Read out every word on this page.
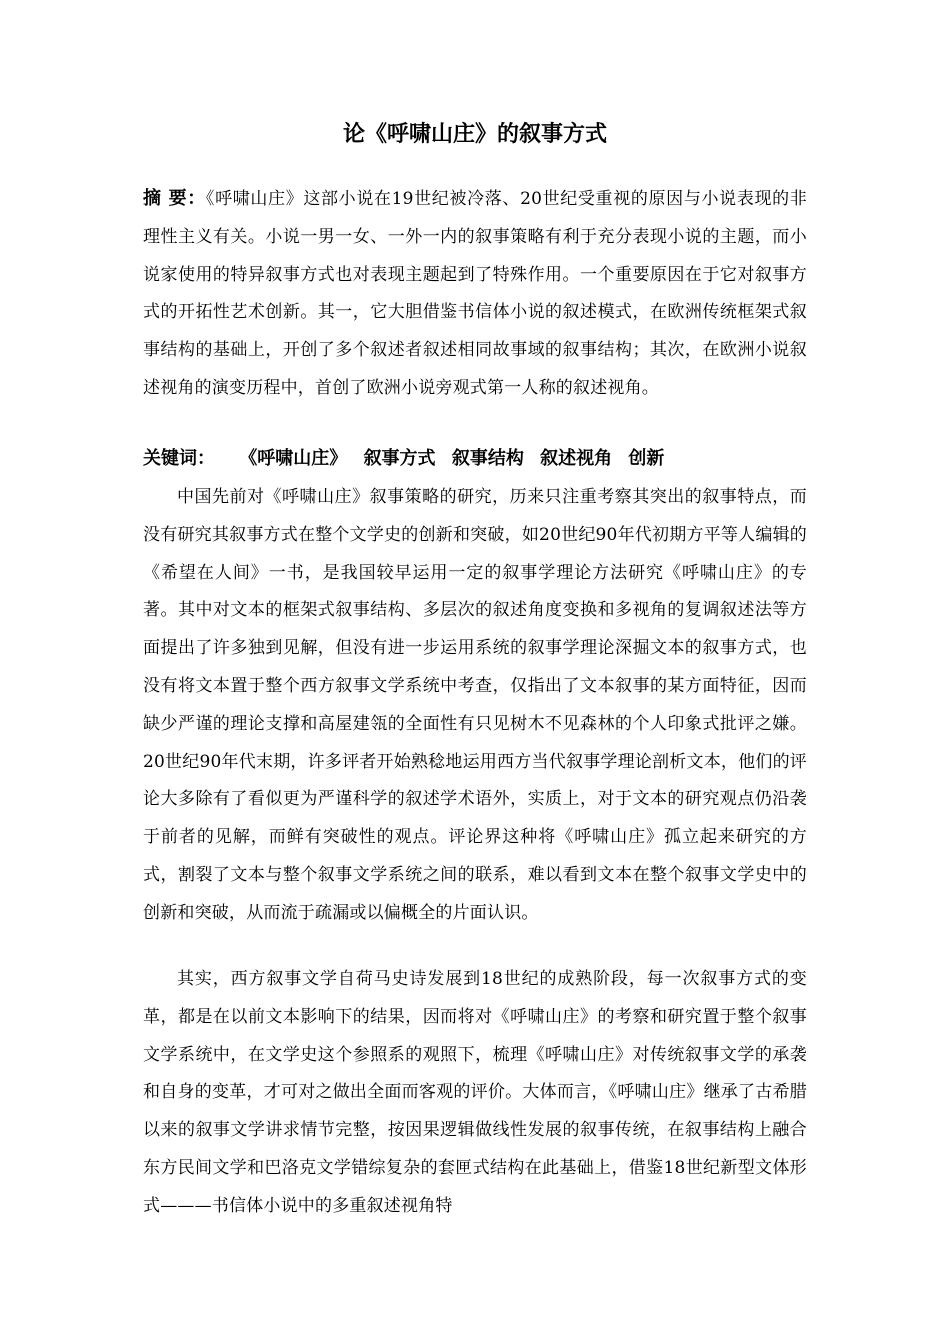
论《呼啸山庄》的叙事方式
摘 要：《呼啸山庄》这部小说在19世纪被冷落、20世纪受重视的原因与小说表现的非理性主义有关。小说一男一女、一外一内的叙事策略有利于充分表现小说的主题，而小说家使用的特异叙事方式也对表现主题起到了特殊作用。一个重要原因在于它对叙事方式的开拓性艺术创新。其一，它大胆借鉴书信体小说的叙述模式，在欧洲传统框架式叙事结构的基础上，开创了多个叙述者叙述相同故事域的叙事结构；其次，在欧洲小说叙述视角的演变历程中，首创了欧洲小说旁观式第一人称的叙述视角。
关键词： 《呼啸山庄》 叙事方式 叙事结构 叙述视角 创新
中国先前对《呼啸山庄》叙事策略的研究，历来只注重考察其突出的叙事特点，而没有研究其叙事方式在整个文学史的创新和突破，如20世纪90年代初期方平等人编辑的《希望在人间》一书，是我国较早运用一定的叙事学理论方法研究《呼啸山庄》的专著。其中对文本的框架式叙事结构、多层次的叙述角度变换和多视角的复调叙述法等方面提出了许多独到见解，但没有进一步运用系统的叙事学理论深掘文本的叙事方式，也没有将文本置于整个西方叙事文学系统中考查，仅指出了文本叙事的某方面特征，因而缺少严谨的理论支撑和高屋建瓴的全面性有只见树木不见森林的个人印象式批评之嫌。20世纪90年代末期，许多评者开始熟稔地运用西方当代叙事学理论剖析文本，他们的评论大多除有了看似更为严谨科学的叙述学术语外，实质上，对于文本的研究观点仍沿袭于前者的见解，而鲜有突破性的观点。评论界这种将《呼啸山庄》孤立起来研究的方式，割裂了文本与整个叙事文学系统之间的联系，难以看到文本在整个叙事文学史中的创新和突破，从而流于疏漏或以偏概全的片面认识。
其实，西方叙事文学自荷马史诗发展到18世纪的成熟阶段，每一次叙事方式的变革，都是在以前文本影响下的结果，因而将对《呼啸山庄》的考察和研究置于整个叙事文学系统中，在文学史这个参照系的观照下，梳理《呼啸山庄》对传统叙事文学的承袭和自身的变革，才可对之做出全面而客观的评价。大体而言，《呼啸山庄》继承了古希腊以来的叙事文学讲求情节完整，按因果逻辑做线性发展的叙事传统，在叙事结构上融合东方民间文学和巴洛克文学错综复杂的套匣式结构在此基础上，借鉴18世纪新型文体形式———书信体小说中的多重叙述视角特
